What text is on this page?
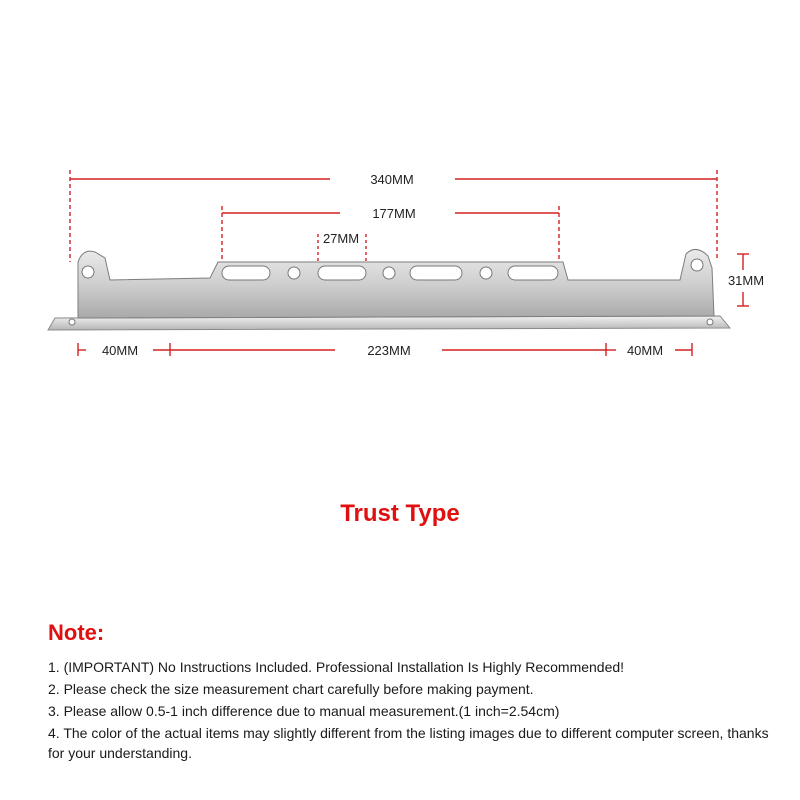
340MM
177MM
27MM
31MM
40MM	223MM	40MM
Trust Type
Note:
1. (IMPORTANT) No Instructions Included. Professional Installation Is Highly Recommended!
2. Please check the size measurement chart carefully before making payment.
3. Please allow 0.5-1 inch difference due to manual measurement.(1 inch=2.54cm)
4. The color of the actual items may slightly different from the listing images due to different computer screen, thanks for your understanding.
